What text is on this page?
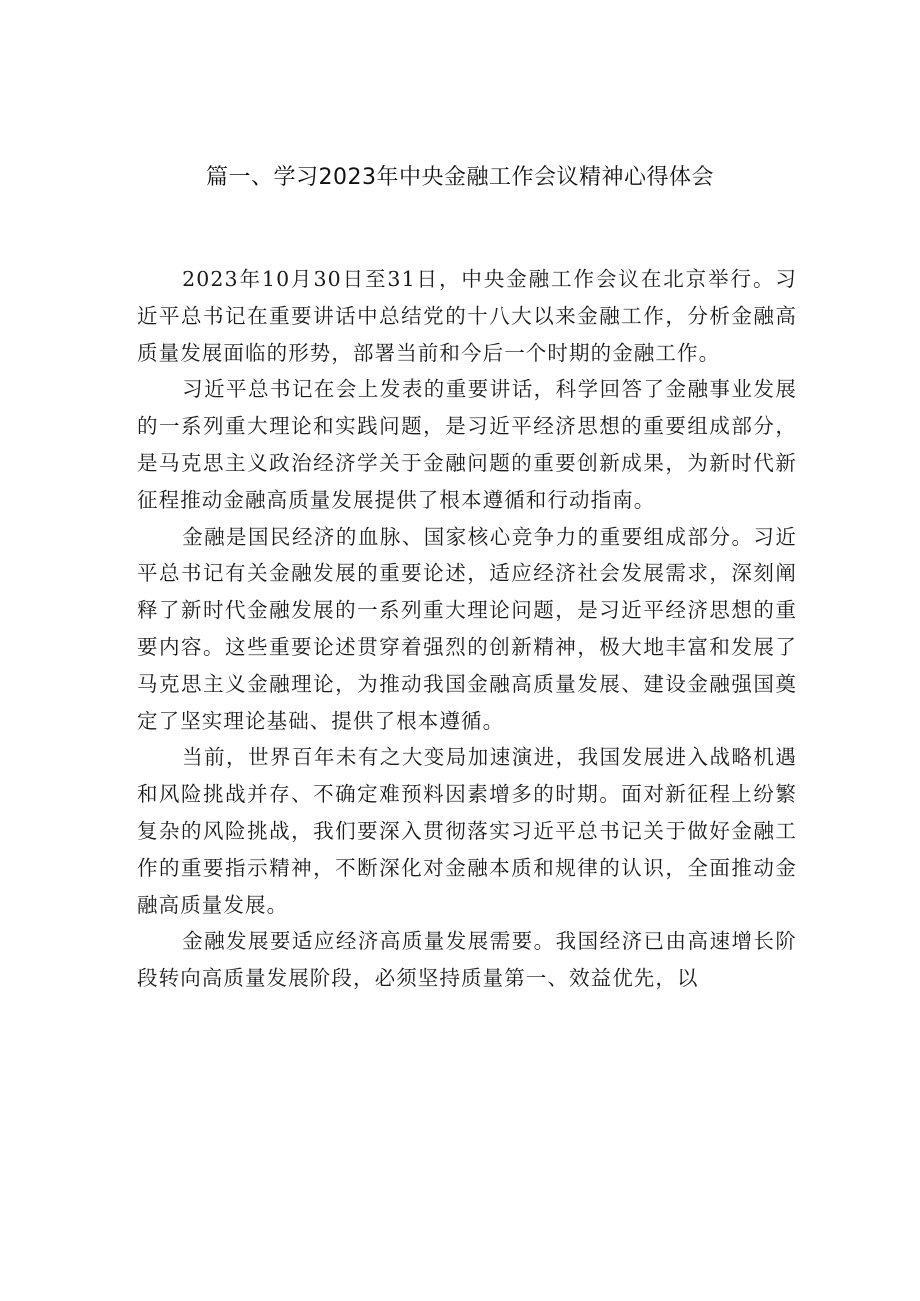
篇一、学习2023年中央金融工作会议精神心得体会

2023年10月30日至31日，中央金融工作会议在北京举行。习近平总书记在重要讲话中总结党的十八大以来金融工作，分析金融高质量发展面临的形势，部署当前和今后一个时期的金融工作。

习近平总书记在会上发表的重要讲话，科学回答了金融事业发展的一系列重大理论和实践问题，是习近平经济思想的重要组成部分，是马克思主义政治经济学关于金融问题的重要创新成果，为新时代新征程推动金融高质量发展提供了根本遵循和行动指南。

金融是国民经济的血脉、国家核心竞争力的重要组成部分。习近平总书记有关金融发展的重要论述，适应经济社会发展需求，深刻阐释了新时代金融发展的一系列重大理论问题，是习近平经济思想的重要内容。这些重要论述贯穿着强烈的创新精神，极大地丰富和发展了马克思主义金融理论，为推动我国金融高质量发展、建设金融强国奠定了坚实理论基础、提供了根本遵循。

当前，世界百年未有之大变局加速演进，我国发展进入战略机遇和风险挑战并存、不确定难预料因素增多的时期。面对新征程上纷繁复杂的风险挑战，我们要深入贯彻落实习近平总书记关于做好金融工作的重要指示精神，不断深化对金融本质和规律的认识，全面推动金融高质量发展。

金融发展要适应经济高质量发展需要。我国经济已由高速增长阶段转向高质量发展阶段，必须坚持质量第一、效益优先，以
